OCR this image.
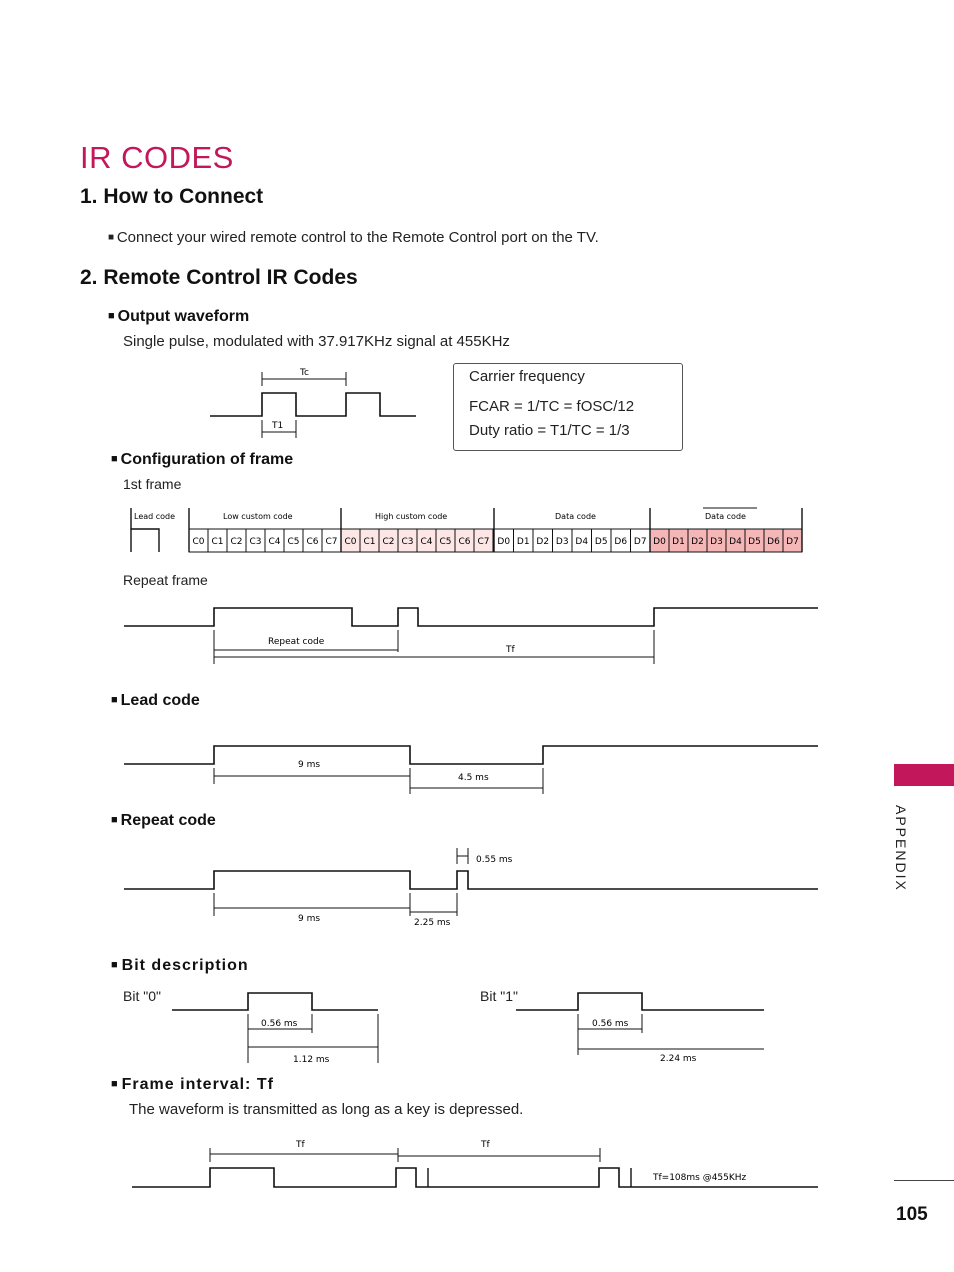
IR CODES
1. How to Connect
■ Connect your wired remote control to the Remote Control port on the TV.
2. Remote Control IR Codes
■ Output waveform
Single pulse, modulated with 37.917KHz signal at 455KHz
Tc
T1
Carrier frequency
FCAR = 1/TC = fOSC/12
Duty ratio = T1/TC = 1/3
■ Configuration of frame
1st frame
C0 C1 C2 C3 C4 C5 C6 C7 C0 C1 C2 C3 C4 C5 C6 C7 D0 D1 D2 D3 D4 D5 D6 D7 D0 D1 D2 D3 D4 D5 D6 D7
Lead code	Low custom code	High custom code	Data code	Data code
Repeat frame
Repeat code
Tf
■ Lead code
9 ms
4.5 ms
■ Repeat code
0.55 ms
9 ms	2.25 ms
■ Bit description
Bit "0"
0.56 ms
1.12 ms
Bit "1"
0.56 ms
2.24 ms
■ Frame interval: Tf
The waveform is transmitted as long as a key is depressed.
Tf	Tf
Tf=108ms @455KHz
APPENDIX
105
